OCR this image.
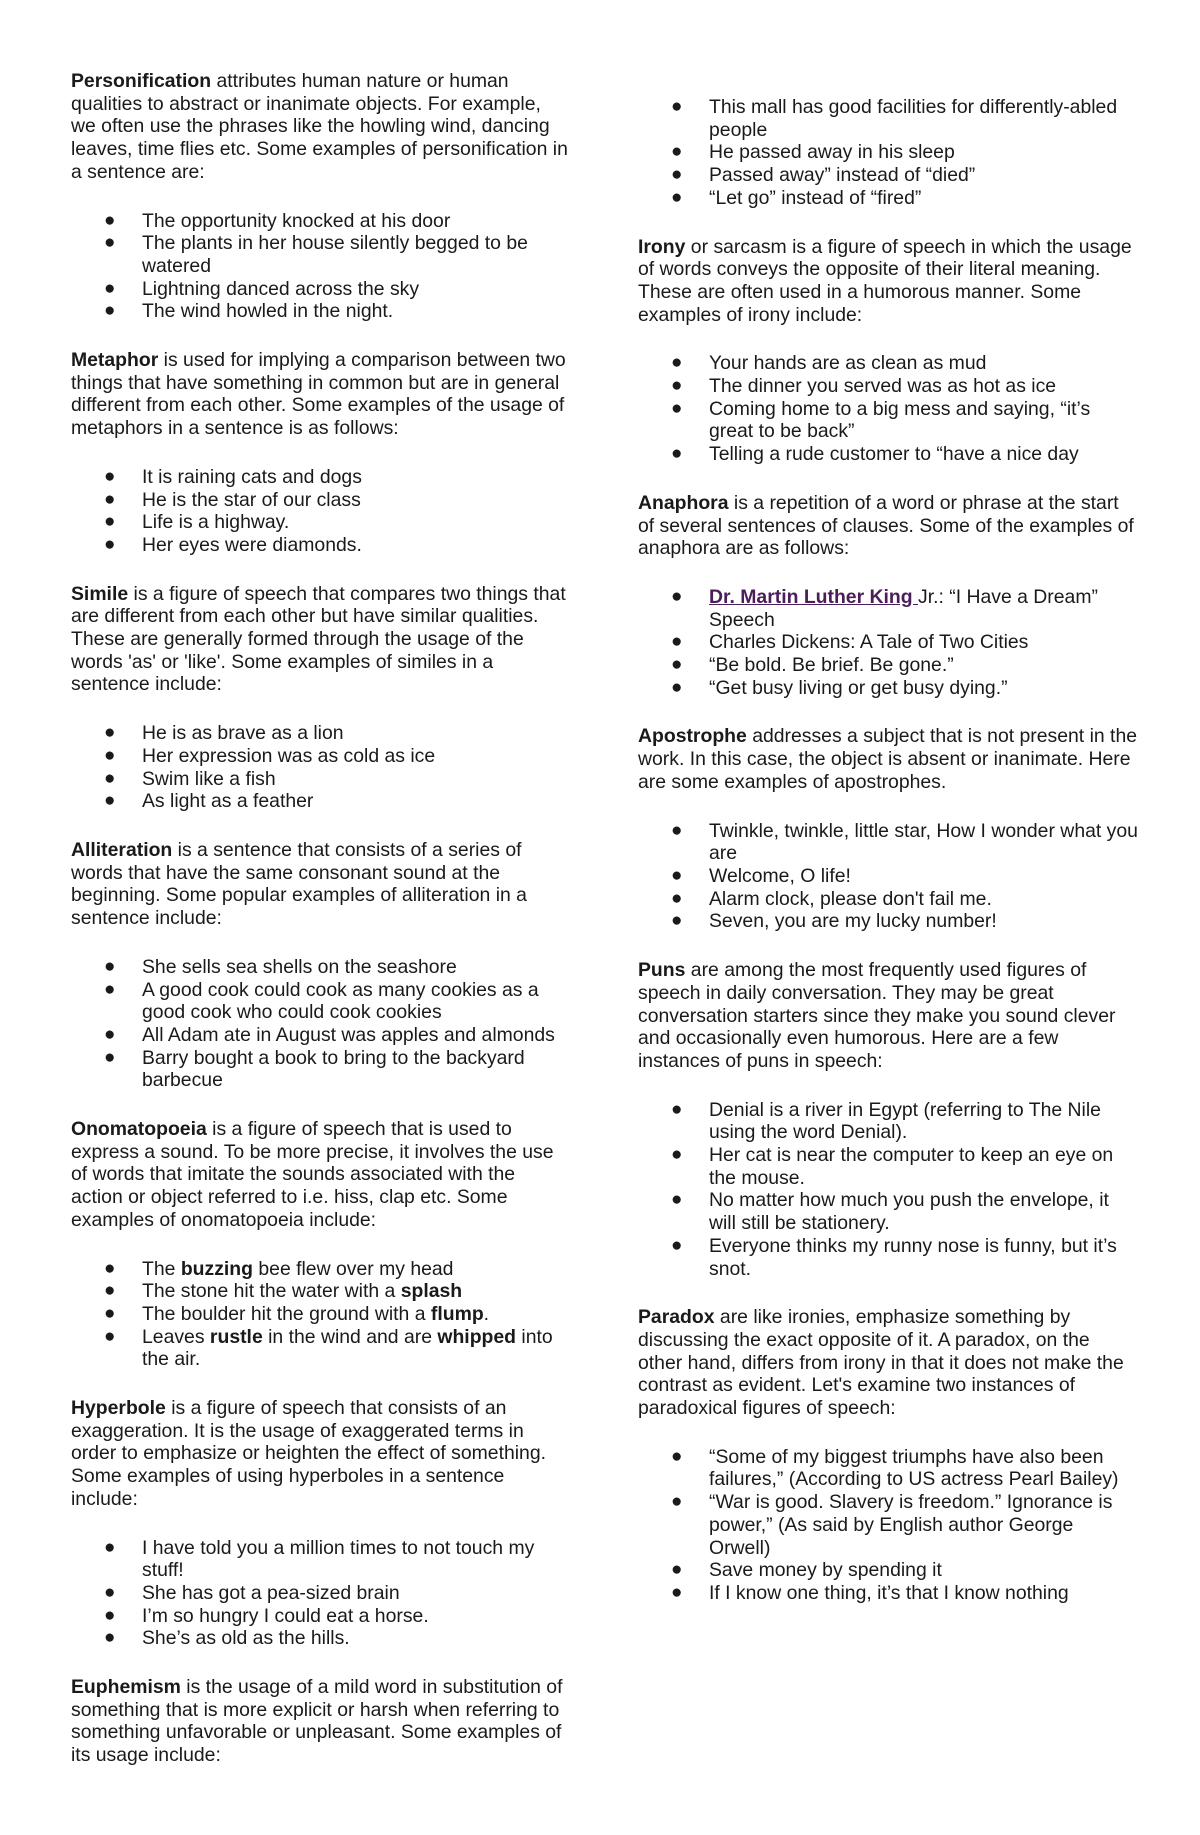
Personification attributes human nature or human qualities to abstract or inanimate objects. For example, we often use the phrases like the howling wind, dancing leaves, time flies etc. Some examples of personification in a sentence are:

● The opportunity knocked at his door
● The plants in her house silently begged to be watered
● Lightning danced across the sky
● The wind howled in the night.

Metaphor is used for implying a comparison between two things that have something in common but are in general different from each other. Some examples of the usage of metaphors in a sentence is as follows:

● It is raining cats and dogs
● He is the star of our class
● Life is a highway.
● Her eyes were diamonds.

Simile is a figure of speech that compares two things that are different from each other but have similar qualities. These are generally formed through the usage of the words 'as' or 'like'. Some examples of similes in a sentence include:

● He is as brave as a lion
● Her expression was as cold as ice
● Swim like a fish
● As light as a feather

Alliteration is a sentence that consists of a series of words that have the same consonant sound at the beginning. Some popular examples of alliteration in a sentence include:

● She sells sea shells on the seashore
● A good cook could cook as many cookies as a good cook who could cook cookies
● All Adam ate in August was apples and almonds
● Barry bought a book to bring to the backyard barbecue

Onomatopoeia is a figure of speech that is used to express a sound. To be more precise, it involves the use of words that imitate the sounds associated with the action or object referred to i.e. hiss, clap etc. Some examples of onomatopoeia include:

● The buzzing bee flew over my head
● The stone hit the water with a splash
● The boulder hit the ground with a flump.
● Leaves rustle in the wind and are whipped into the air.

Hyperbole is a figure of speech that consists of an exaggeration. It is the usage of exaggerated terms in order to emphasize or heighten the effect of something. Some examples of using hyperboles in a sentence include:

● I have told you a million times to not touch my stuff!
● She has got a pea-sized brain
● I’m so hungry I could eat a horse.
● She’s as old as the hills.

Euphemism is the usage of a mild word in substitution of something that is more explicit or harsh when referring to something unfavorable or unpleasant. Some examples of its usage include:

● This mall has good facilities for differently-abled people
● He passed away in his sleep
● Passed away” instead of “died”
● “Let go” instead of “fired”

Irony or sarcasm is a figure of speech in which the usage of words conveys the opposite of their literal meaning. These are often used in a humorous manner. Some examples of irony include:

● Your hands are as clean as mud
● The dinner you served was as hot as ice
● Coming home to a big mess and saying, “it’s great to be back”
● Telling a rude customer to “have a nice day

Anaphora is a repetition of a word or phrase at the start of several sentences of clauses. Some of the examples of anaphora are as follows:

● Dr. Martin Luther King Jr.: “I Have a Dream” Speech
● Charles Dickens: A Tale of Two Cities
● “Be bold. Be brief. Be gone.”
● “Get busy living or get busy dying.”

Apostrophe addresses a subject that is not present in the work. In this case, the object is absent or inanimate. Here are some examples of apostrophes.

● Twinkle, twinkle, little star, How I wonder what you are
● Welcome, O life!
● Alarm clock, please don't fail me.
● Seven, you are my lucky number!

Puns are among the most frequently used figures of speech in daily conversation. They may be great conversation starters since they make you sound clever and occasionally even humorous. Here are a few instances of puns in speech:

● Denial is a river in Egypt (referring to The Nile using the word Denial).
● Her cat is near the computer to keep an eye on the mouse.
● No matter how much you push the envelope, it will still be stationery.
● Everyone thinks my runny nose is funny, but it’s snot.

Paradox are like ironies, emphasize something by discussing the exact opposite of it. A paradox, on the other hand, differs from irony in that it does not make the contrast as evident. Let's examine two instances of paradoxical figures of speech:

● “Some of my biggest triumphs have also been failures,” (According to US actress Pearl Bailey)
● “War is good. Slavery is freedom.” Ignorance is power,” (As said by English author George Orwell)
● Save money by spending it
● If I know one thing, it’s that I know nothing
